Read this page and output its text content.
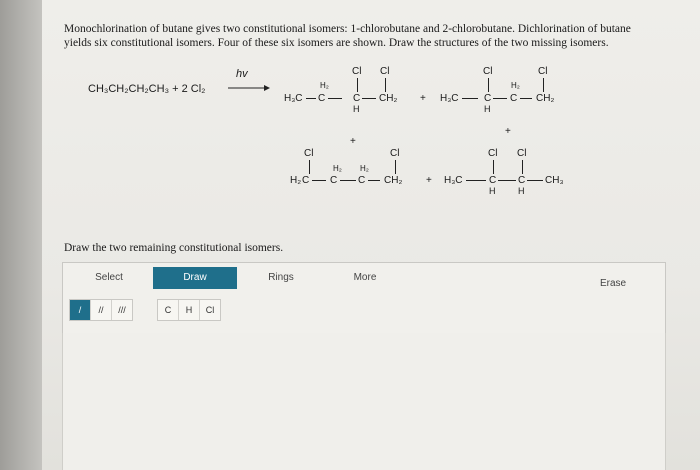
Monochlorination of butane gives two constitutional isomers: 1-chlorobutane and 2-chlorobutane. Dichlorination of butane
yields six constitutional isomers. Four of these six isomers are shown. Draw the structures of the two missing isomers.
CH₃CH₂CH₂CH₃ + 2 Cl₂
hv
H₃C
H₂
C
Cl
C
H
Cl
CH₂ + H₃C
Cl
C
H
H₂
C
Cl
CH₂
+
+
Cl
H₂ C
H₂
C
H₂
C
Cl
CH₂ + H₃C
Cl
C
H
Cl
C
H
CH₃
Draw the two remaining constitutional isomers.
Select	Draw	Rings	More
Erase
/	//	///	C	H	Cl
